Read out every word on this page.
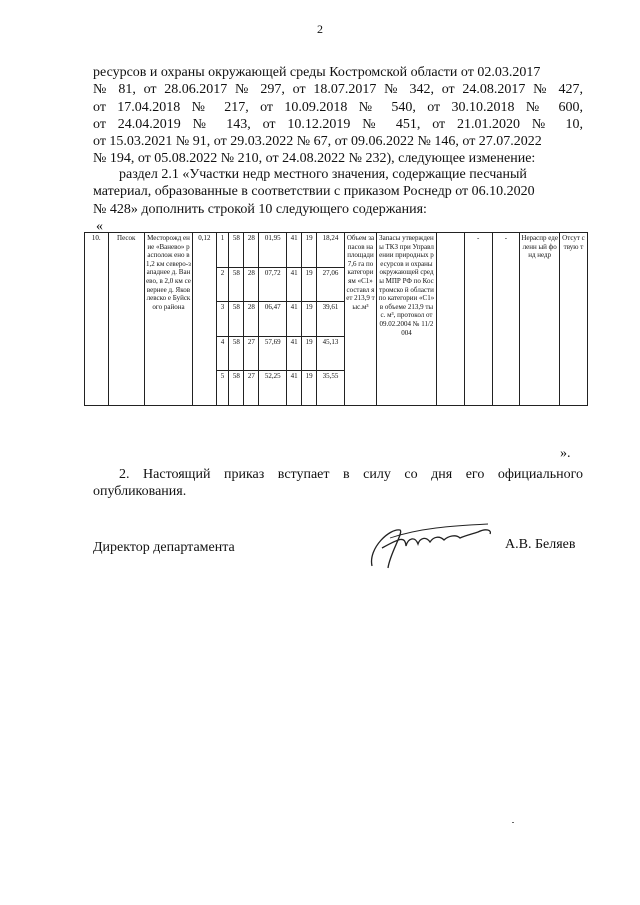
2
ресурсов и охраны окружающей среды Костромской области от 02.03.2017
№ 81, от 28.06.2017 № 297, от 18.07.2017 № 342, от 24.08.2017 № 427,
от 17.04.2018 № 217, от 10.09.2018 № 540, от 30.10.2018 № 600,
от 24.04.2019 № 143, от 10.12.2019 № 451, от 21.01.2020 № 10,
от 15.03.2021 № 91, от 29.03.2022 № 67, от 09.06.2022 № 146, от 27.07.2022
№ 194, от 05.08.2022 № 210, от 24.08.2022 № 232), следующее изменение:
раздел 2.1 «Участки недр местного значения, содержащие песчаный
материал, образованные в соответствии с приказом Роснедр от 06.10.2020
№ 428» дополнить строкой 10 следующего содержания:
«
10.	Песок	Месторожд ение «Ванево» располож ено в 1,2 км северо-западнее д. Ванево, в 2,0 км севернее д. Яковлевско е Буйского района	0,12	1	58	28	01,95	41	19	18,24	Объем запасов на площади 7,6 га по категори ям «С1» составл яет 213,9 тыс.м³	Запасы утверждены ТКЗ при Управлении природных ресурсов и охраны окружающей среды МПР РФ по Костромско й области по категории «С1» в объеме 213,9 тыс. м³, протокол от 09.02.2004 № 11/2004		-	-	Нераспр еделенн ый фонд недр	Отсут ствую т
				2	58	28	07,72	41	19	27,06							
				3	58	28	06,47	41	19	39,61							
				4	58	27	57,69	41	19	45,13							
				5	58	27	52,25	41	19	35,55							
».
2. Настоящий приказ вступает в силу со дня его официального
опубликования.
Директор департамента	А.В. Беляев
